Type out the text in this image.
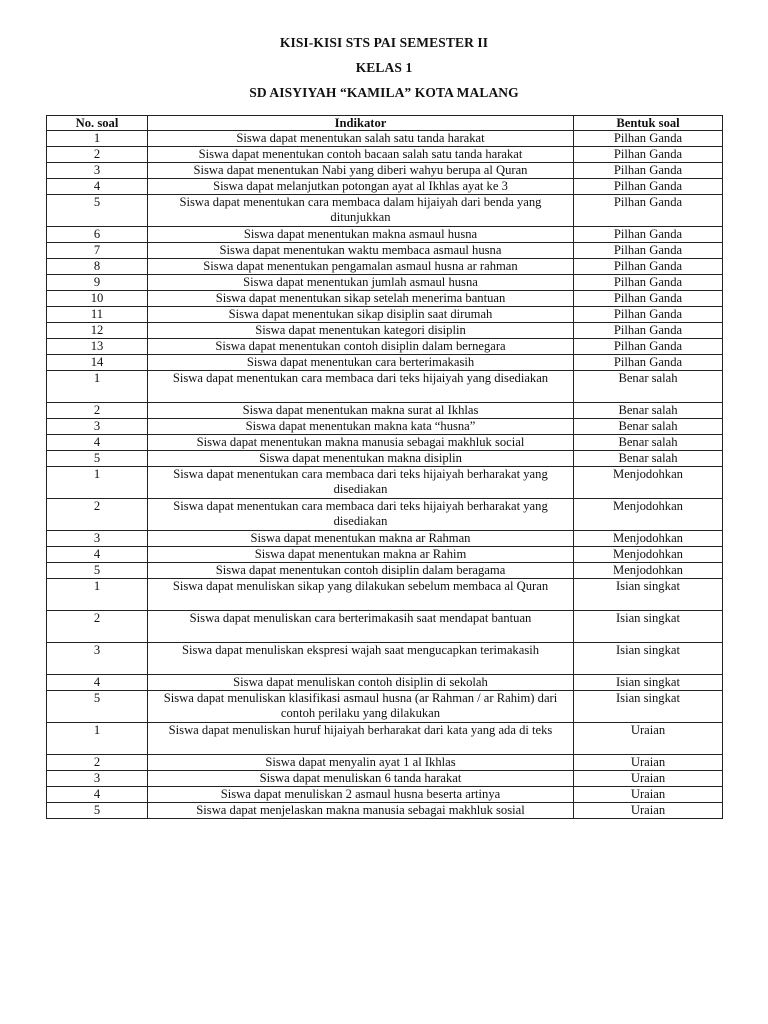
KISI-KISI STS PAI SEMESTER II

KELAS 1

SD AISYIYAH “KAMILA” KOTA MALANG

No. soal	Indikator	Bentuk soal
1	Siswa dapat menentukan salah satu tanda harakat	Pilhan Ganda
2	Siswa dapat menentukan contoh bacaan salah satu tanda harakat	Pilhan Ganda
3	Siswa dapat menentukan Nabi yang diberi wahyu berupa al Quran	Pilhan Ganda
4	Siswa dapat melanjutkan potongan ayat al Ikhlas ayat ke 3	Pilhan Ganda
5	Siswa dapat menentukan cara membaca dalam hijaiyah dari benda yang ditunjukkan	Pilhan Ganda
6	Siswa dapat menentukan makna asmaul husna	Pilhan Ganda
7	Siswa dapat menentukan waktu membaca asmaul husna	Pilhan Ganda
8	Siswa dapat menentukan pengamalan asmaul husna ar rahman	Pilhan Ganda
9	Siswa dapat menentukan jumlah asmaul husna	Pilhan Ganda
10	Siswa dapat menentukan sikap setelah menerima bantuan	Pilhan Ganda
11	Siswa dapat menentukan sikap disiplin saat dirumah	Pilhan Ganda
12	Siswa dapat menentukan kategori disiplin	Pilhan Ganda
13	Siswa dapat menentukan contoh disiplin dalam bernegara	Pilhan Ganda
14	Siswa dapat menentukan cara berterimakasih	Pilhan Ganda
1	Siswa dapat menentukan cara membaca dari teks hijaiyah yang disediakan	Benar salah
2	Siswa dapat menentukan makna surat al Ikhlas	Benar salah
3	Siswa dapat menentukan makna kata “husna”	Benar salah
4	Siswa dapat menentukan makna manusia sebagai makhluk social	Benar salah
5	Siswa dapat menentukan makna disiplin	Benar salah
1	Siswa dapat menentukan cara membaca dari teks hijaiyah berharakat yang disediakan	Menjodohkan
2	Siswa dapat menentukan cara membaca dari teks hijaiyah berharakat yang disediakan	Menjodohkan
3	Siswa dapat menentukan makna ar Rahman	Menjodohkan
4	Siswa dapat menentukan makna ar Rahim	Menjodohkan
5	Siswa dapat menentukan contoh disiplin dalam beragama	Menjodohkan
1	Siswa dapat menuliskan sikap yang dilakukan sebelum membaca al Quran	Isian singkat
2	Siswa dapat menuliskan cara berterimakasih saat mendapat bantuan	Isian singkat
3	Siswa dapat menuliskan ekspresi wajah saat mengucapkan terimakasih	Isian singkat
4	Siswa dapat menuliskan contoh disiplin di sekolah	Isian singkat
5	Siswa dapat menuliskan klasifikasi asmaul husna (ar Rahman / ar Rahim) dari contoh perilaku yang dilakukan	Isian singkat
1	Siswa dapat menuliskan huruf hijaiyah berharakat dari kata yang ada di teks	Uraian
2	Siswa dapat menyalin ayat 1 al Ikhlas	Uraian
3	Siswa dapat menuliskan 6 tanda harakat	Uraian
4	Siswa dapat menuliskan 2 asmaul husna beserta artinya	Uraian
5	Siswa dapat menjelaskan makna manusia sebagai makhluk sosial	Uraian
